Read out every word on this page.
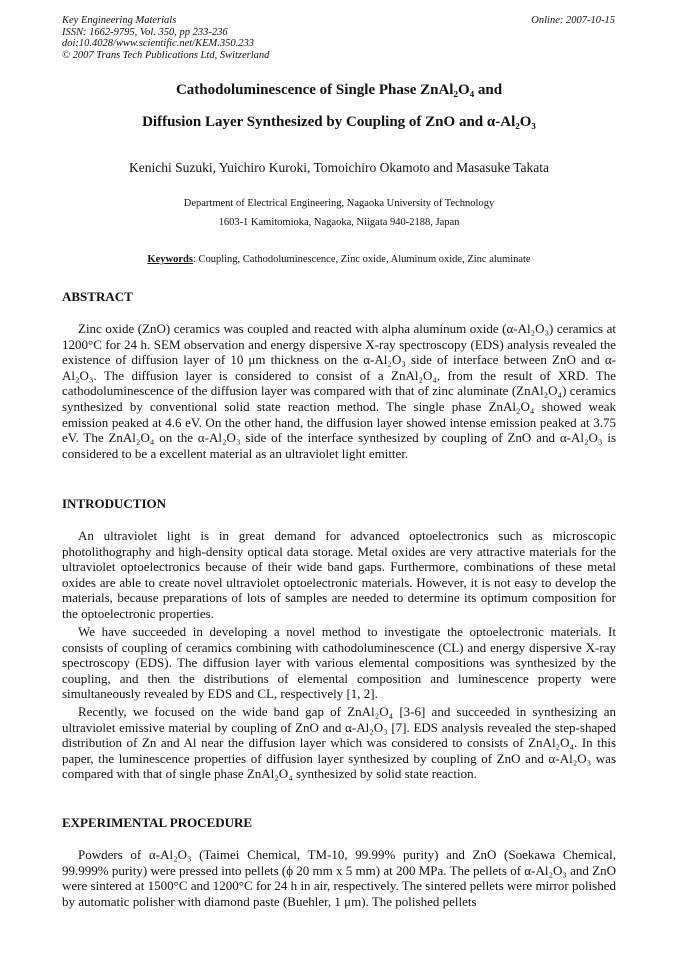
Key Engineering Materials
ISSN: 1662-9795, Vol. 350, pp 233-236
doi:10.4028/www.scientific.net/KEM.350.233
© 2007 Trans Tech Publications Ltd, Switzerland
Online: 2007-10-15
Cathodoluminescence of Single Phase ZnAl₂O₄ and
Diffusion Layer Synthesized by Coupling of ZnO and α-Al₂O₃
Kenichi Suzuki, Yuichiro Kuroki, Tomoichiro Okamoto and Masasuke Takata
Department of Electrical Engineering, Nagaoka University of Technology
1603-1 Kamitomioka, Nagaoka, Niigata 940-2188, Japan
Keywords: Coupling, Cathodoluminescence, Zinc oxide, Aluminum oxide, Zinc aluminate
ABSTRACT
Zinc oxide (ZnO) ceramics was coupled and reacted with alpha aluminum oxide (α-Al₂O₃) ceramics at 1200°C for 24 h. SEM observation and energy dispersive X-ray spectroscopy (EDS) analysis revealed the existence of diffusion layer of 10 μm thickness on the α-Al₂O₃ side of interface between ZnO and α-Al₂O₃. The diffusion layer is considered to consist of a ZnAl₂O₄, from the result of XRD. The cathodoluminescence of the diffusion layer was compared with that of zinc aluminate (ZnAl₂O₄) ceramics synthesized by conventional solid state reaction method. The single phase ZnAl₂O₄ showed weak emission peaked at 4.6 eV. On the other hand, the diffusion layer showed intense emission peaked at 3.75 eV. The ZnAl₂O₄ on the α-Al₂O₃ side of the interface synthesized by coupling of ZnO and α-Al₂O₃ is considered to be a excellent material as an ultraviolet light emitter.
INTRODUCTION
An ultraviolet light is in great demand for advanced optoelectronics such as microscopic photolithography and high-density optical data storage. Metal oxides are very attractive materials for the ultraviolet optoelectronics because of their wide band gaps. Furthermore, combinations of these metal oxides are able to create novel ultraviolet optoelectronic materials. However, it is not easy to develop the materials, because preparations of lots of samples are needed to determine its optimum composition for the optoelectronic properties.
We have succeeded in developing a novel method to investigate the optoelectronic materials. It consists of coupling of ceramics combining with cathodoluminescence (CL) and energy dispersive X-ray spectroscopy (EDS). The diffusion layer with various elemental compositions was synthesized by the coupling, and then the distributions of elemental composition and luminescence property were simultaneously revealed by EDS and CL, respectively [1, 2].
Recently, we focused on the wide band gap of ZnAl₂O₄ [3-6] and succeeded in synthesizing an ultraviolet emissive material by coupling of ZnO and α-Al₂O₃ [7]. EDS analysis revealed the step-shaped distribution of Zn and Al near the diffusion layer which was considered to consists of ZnAl₂O₄. In this paper, the luminescence properties of diffusion layer synthesized by coupling of ZnO and α-Al₂O₃ was compared with that of single phase ZnAl₂O₄ synthesized by solid state reaction.
EXPERIMENTAL PROCEDURE
Powders of α-Al₂O₃ (Taimei Chemical, TM-10, 99.99% purity) and ZnO (Soekawa Chemical, 99.999% purity) were pressed into pellets (ϕ 20 mm x 5 mm) at 200 MPa. The pellets of α-Al₂O₃ and ZnO were sintered at 1500°C and 1200°C for 24 h in air, respectively. The sintered pellets were mirror polished by automatic polisher with diamond paste (Buehler, 1 μm). The polished pellets
